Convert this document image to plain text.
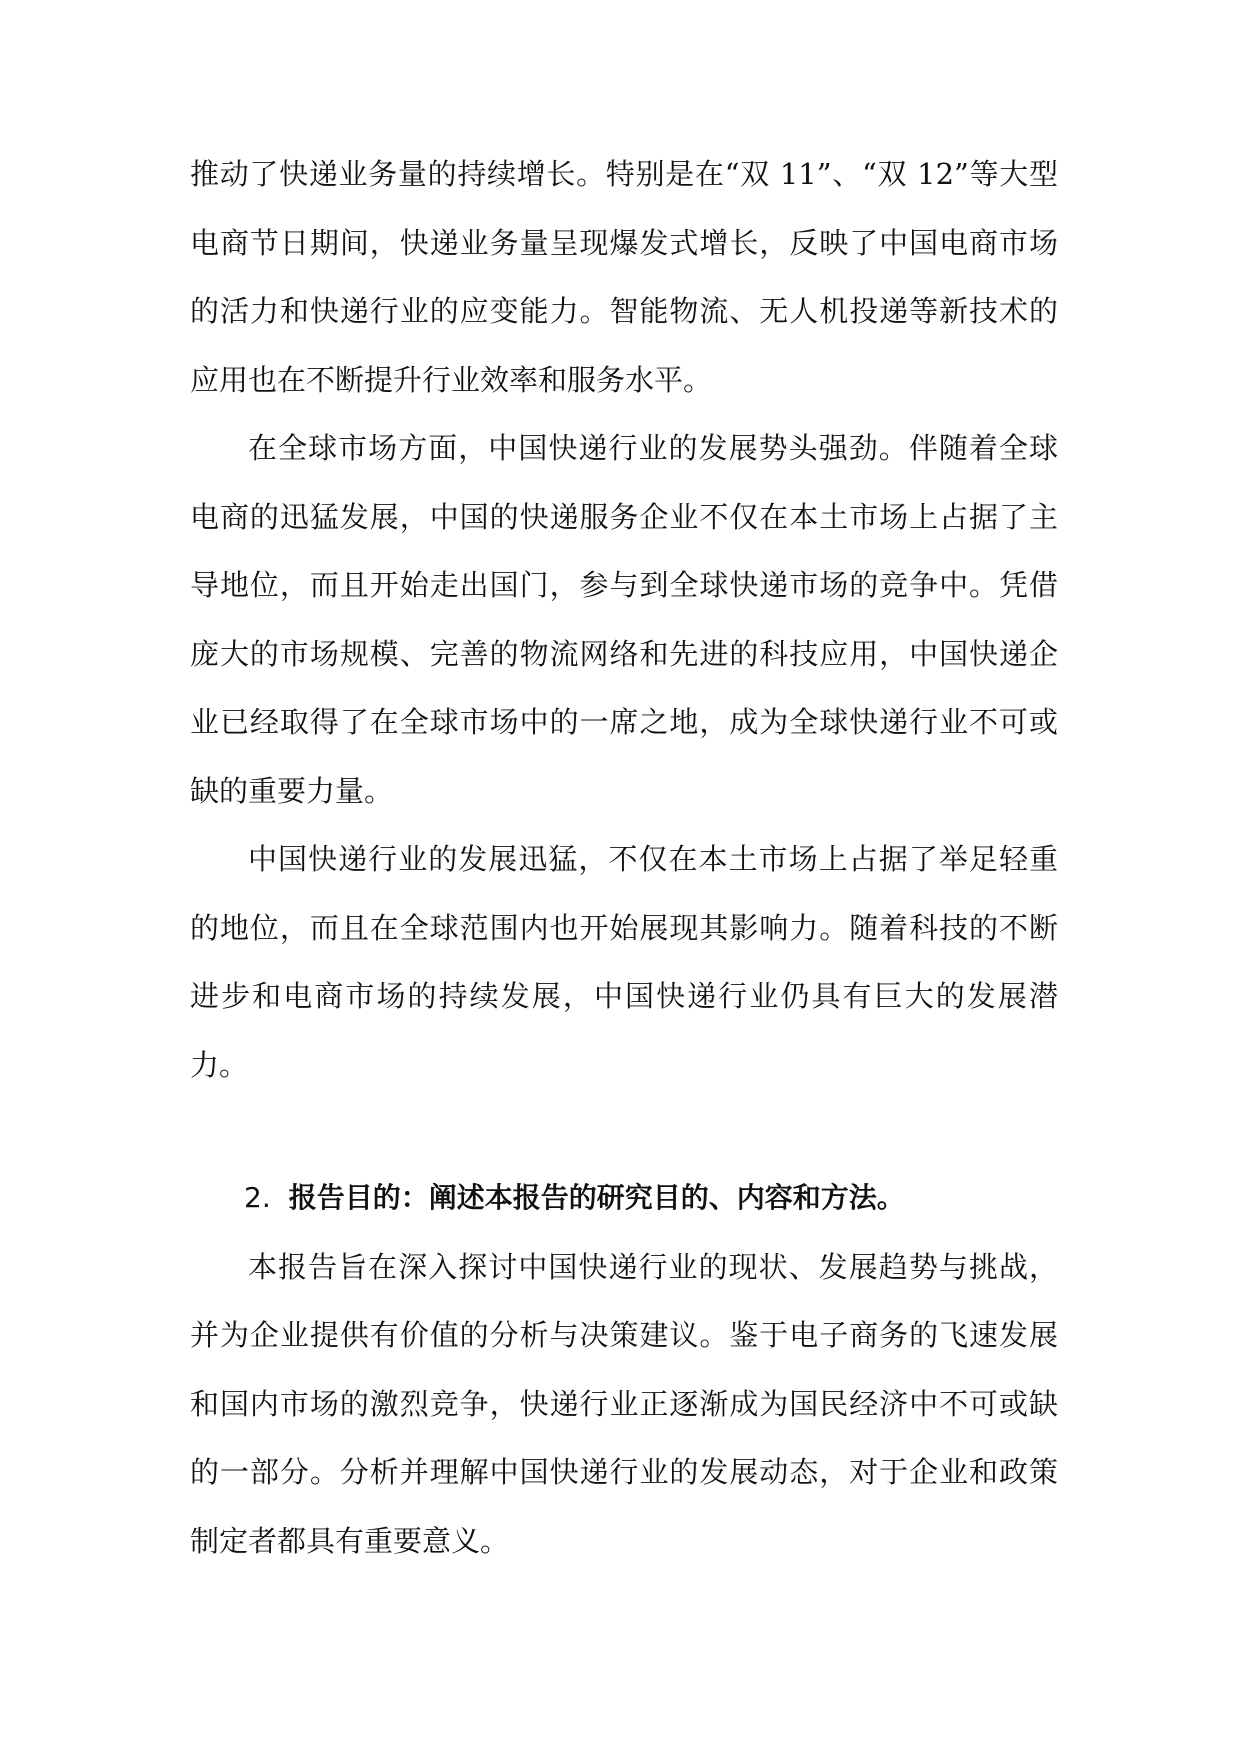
推动了快递业务量的持续增长。特别是在“双 11”、“双 12”等大型电商节日期间，快递业务量呈现爆发式增长，反映了中国电商市场的活力和快递行业的应变能力。智能物流、无人机投递等新技术的应用也在不断提升行业效率和服务水平。

在全球市场方面，中国快递行业的发展势头强劲。伴随着全球电商的迅猛发展，中国的快递服务企业不仅在本土市场上占据了主导地位，而且开始走出国门，参与到全球快递市场的竞争中。凭借庞大的市场规模、完善的物流网络和先进的科技应用，中国快递企业已经取得了在全球市场中的一席之地，成为全球快递行业不可或缺的重要力量。

中国快递行业的发展迅猛，不仅在本土市场上占据了举足轻重的地位，而且在全球范围内也开始展现其影响力。随着科技的不断进步和电商市场的持续发展，中国快递行业仍具有巨大的发展潜力。

2. 报告目的：阐述本报告的研究目的、内容和方法。

本报告旨在深入探讨中国快递行业的现状、发展趋势与挑战，并为企业提供有价值的分析与决策建议。鉴于电子商务的飞速发展和国内市场的激烈竞争，快递行业正逐渐成为国民经济中不可或缺的一部分。分析并理解中国快递行业的发展动态，对于企业和政策制定者都具有重要意义。
